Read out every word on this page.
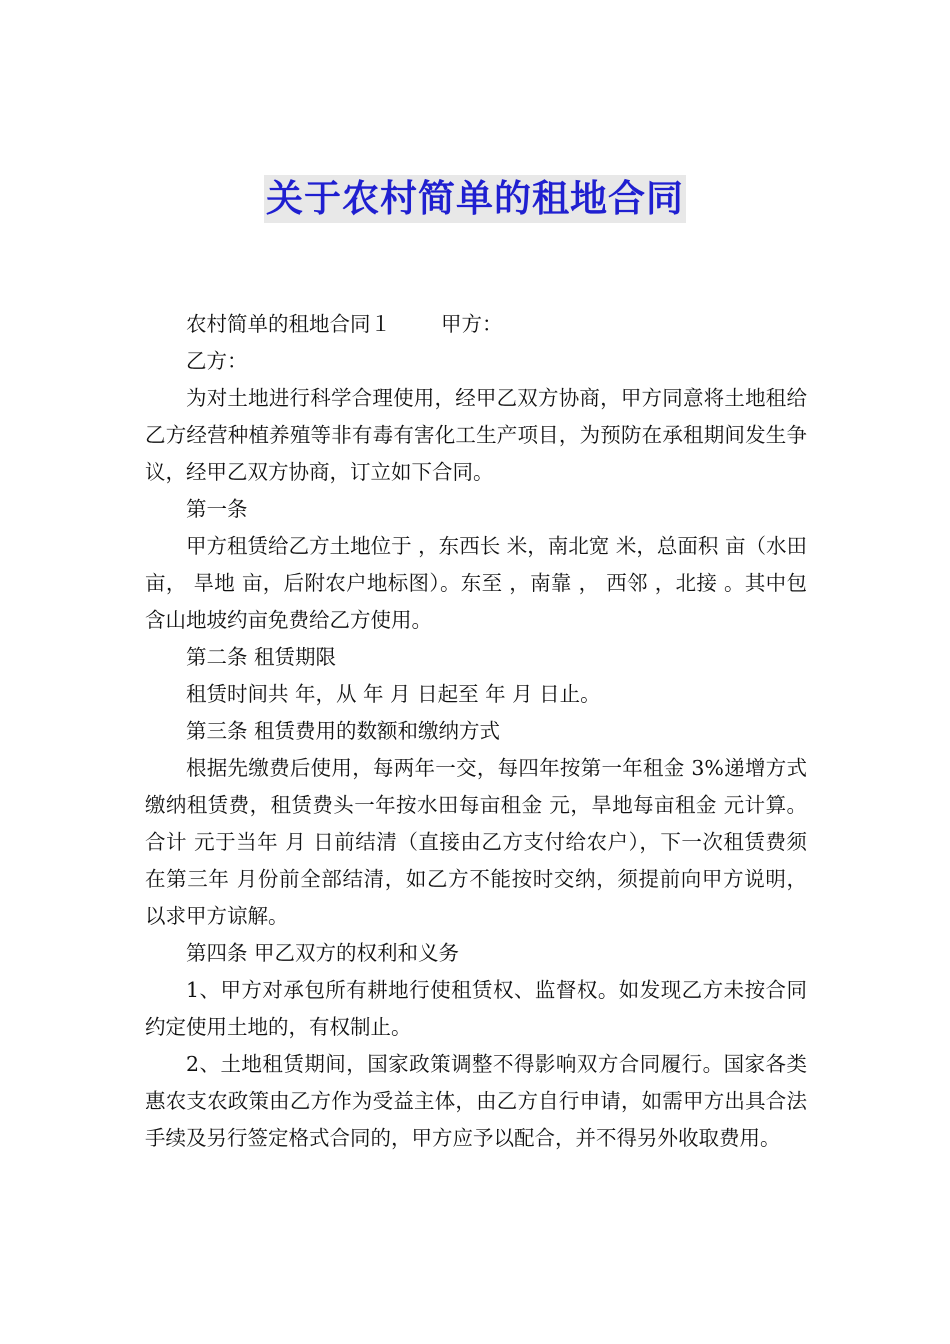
关于农村简单的租地合同

农村简单的租地合同１ 甲方：

乙方：

为对土地进行科学合理使用，经甲乙双方协商，甲方同意将土地租给乙方经营种植养殖等非有毒有害化工生产项目，为预防在承租期间发生争议，经甲乙双方协商，订立如下合同。

第一条

甲方租赁给乙方土地位于 ，东西长 米，南北宽 米，总面积 亩（水田 亩， 旱地 亩，后附农户地标图）。东至 ，南靠 ， 西邻 ，北接 。其中包含山地坡约亩免费给乙方使用。

第二条 租赁期限

租赁时间共 年，从 年 月 日起至 年 月 日止。

第三条 租赁费用的数额和缴纳方式

根据先缴费后使用，每两年一交，每四年按第一年租金 3%递增方式缴纳租赁费，租赁费头一年按水田每亩租金 元，旱地每亩租金 元计算。合计 元于当年 月 日前结清（直接由乙方支付给农户），下一次租赁费须在第三年 月份前全部结清，如乙方不能按时交纳，须提前向甲方说明，以求甲方谅解。

第四条 甲乙双方的权利和义务

1、甲方对承包所有耕地行使租赁权、监督权。如发现乙方未按合同约定使用土地的，有权制止。

2、土地租赁期间，国家政策调整不得影响双方合同履行。国家各类惠农支农政策由乙方作为受益主体，由乙方自行申请，如需甲方出具合法手续及另行签定格式合同的，甲方应予以配合，并不得另外收取费用。
